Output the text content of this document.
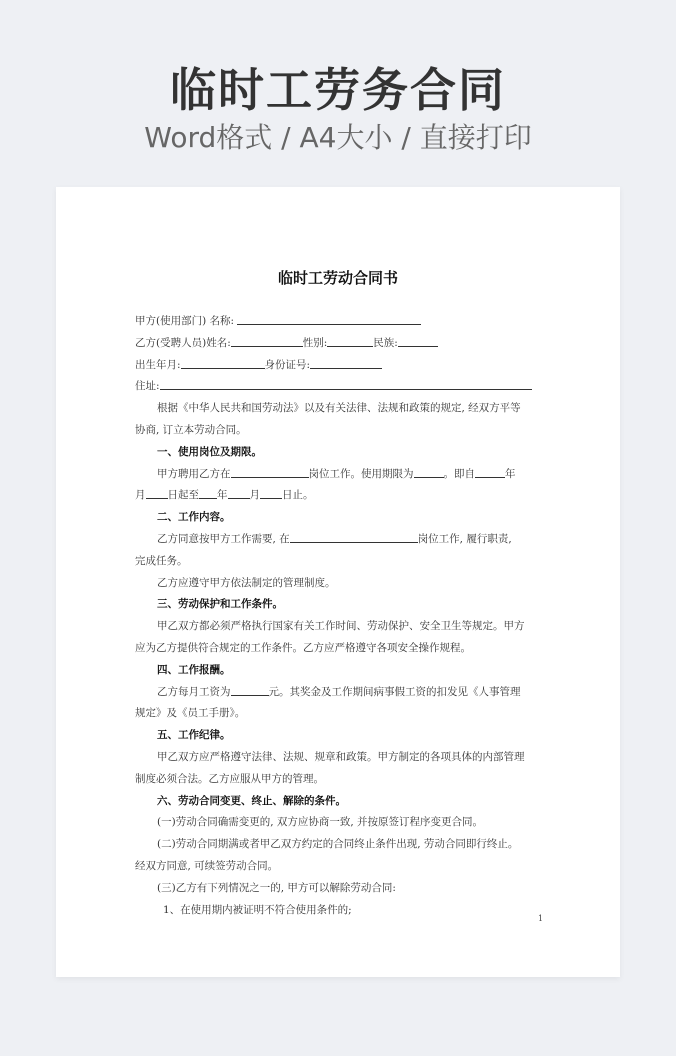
临时工劳务合同
Word格式 / A4大小 / 直接打印
临时工劳动合同书
甲方(使用部门) 名称:
乙方(受聘人员)姓名:	性别:	民族:
出生年月:	身份证号:
住址:
根据《中华人民共和国劳动法》以及有关法律、法规和政策的规定, 经双方平等
协商, 订立本劳动合同。
一、使用岗位及期限。
甲方聘用乙方在	岗位工作。使用期限为	。即自	年
月 日起至 年 月 日止。
二、工作内容。
乙方同意按甲方工作需要, 在	岗位工作, 履行职责,
完成任务。
乙方应遵守甲方依法制定的管理制度。
三、劳动保护和工作条件。
甲乙双方都必须严格执行国家有关工作时间、劳动保护、安全卫生等规定。甲方
应为乙方提供符合规定的工作条件。乙方应严格遵守各项安全操作规程。
四、工作报酬。
乙方每月工资为	元。其奖金及工作期间病事假工资的扣发见《人事管理
规定》及《员工手册》。
五、工作纪律。
甲乙双方应严格遵守法律、法规、规章和政策。甲方制定的各项具体的内部管理
制度必须合法。乙方应服从甲方的管理。
六、劳动合同变更、终止、解除的条件。
(一)劳动合同确需变更的, 双方应协商一致, 并按原签订程序变更合同。
(二)劳动合同期满或者甲乙双方约定的合同终止条件出现, 劳动合同即行终止。
经双方同意, 可续签劳动合同。
(三)乙方有下列情况之一的, 甲方可以解除劳动合同:
1、在使用期内被证明不符合使用条件的;
1
